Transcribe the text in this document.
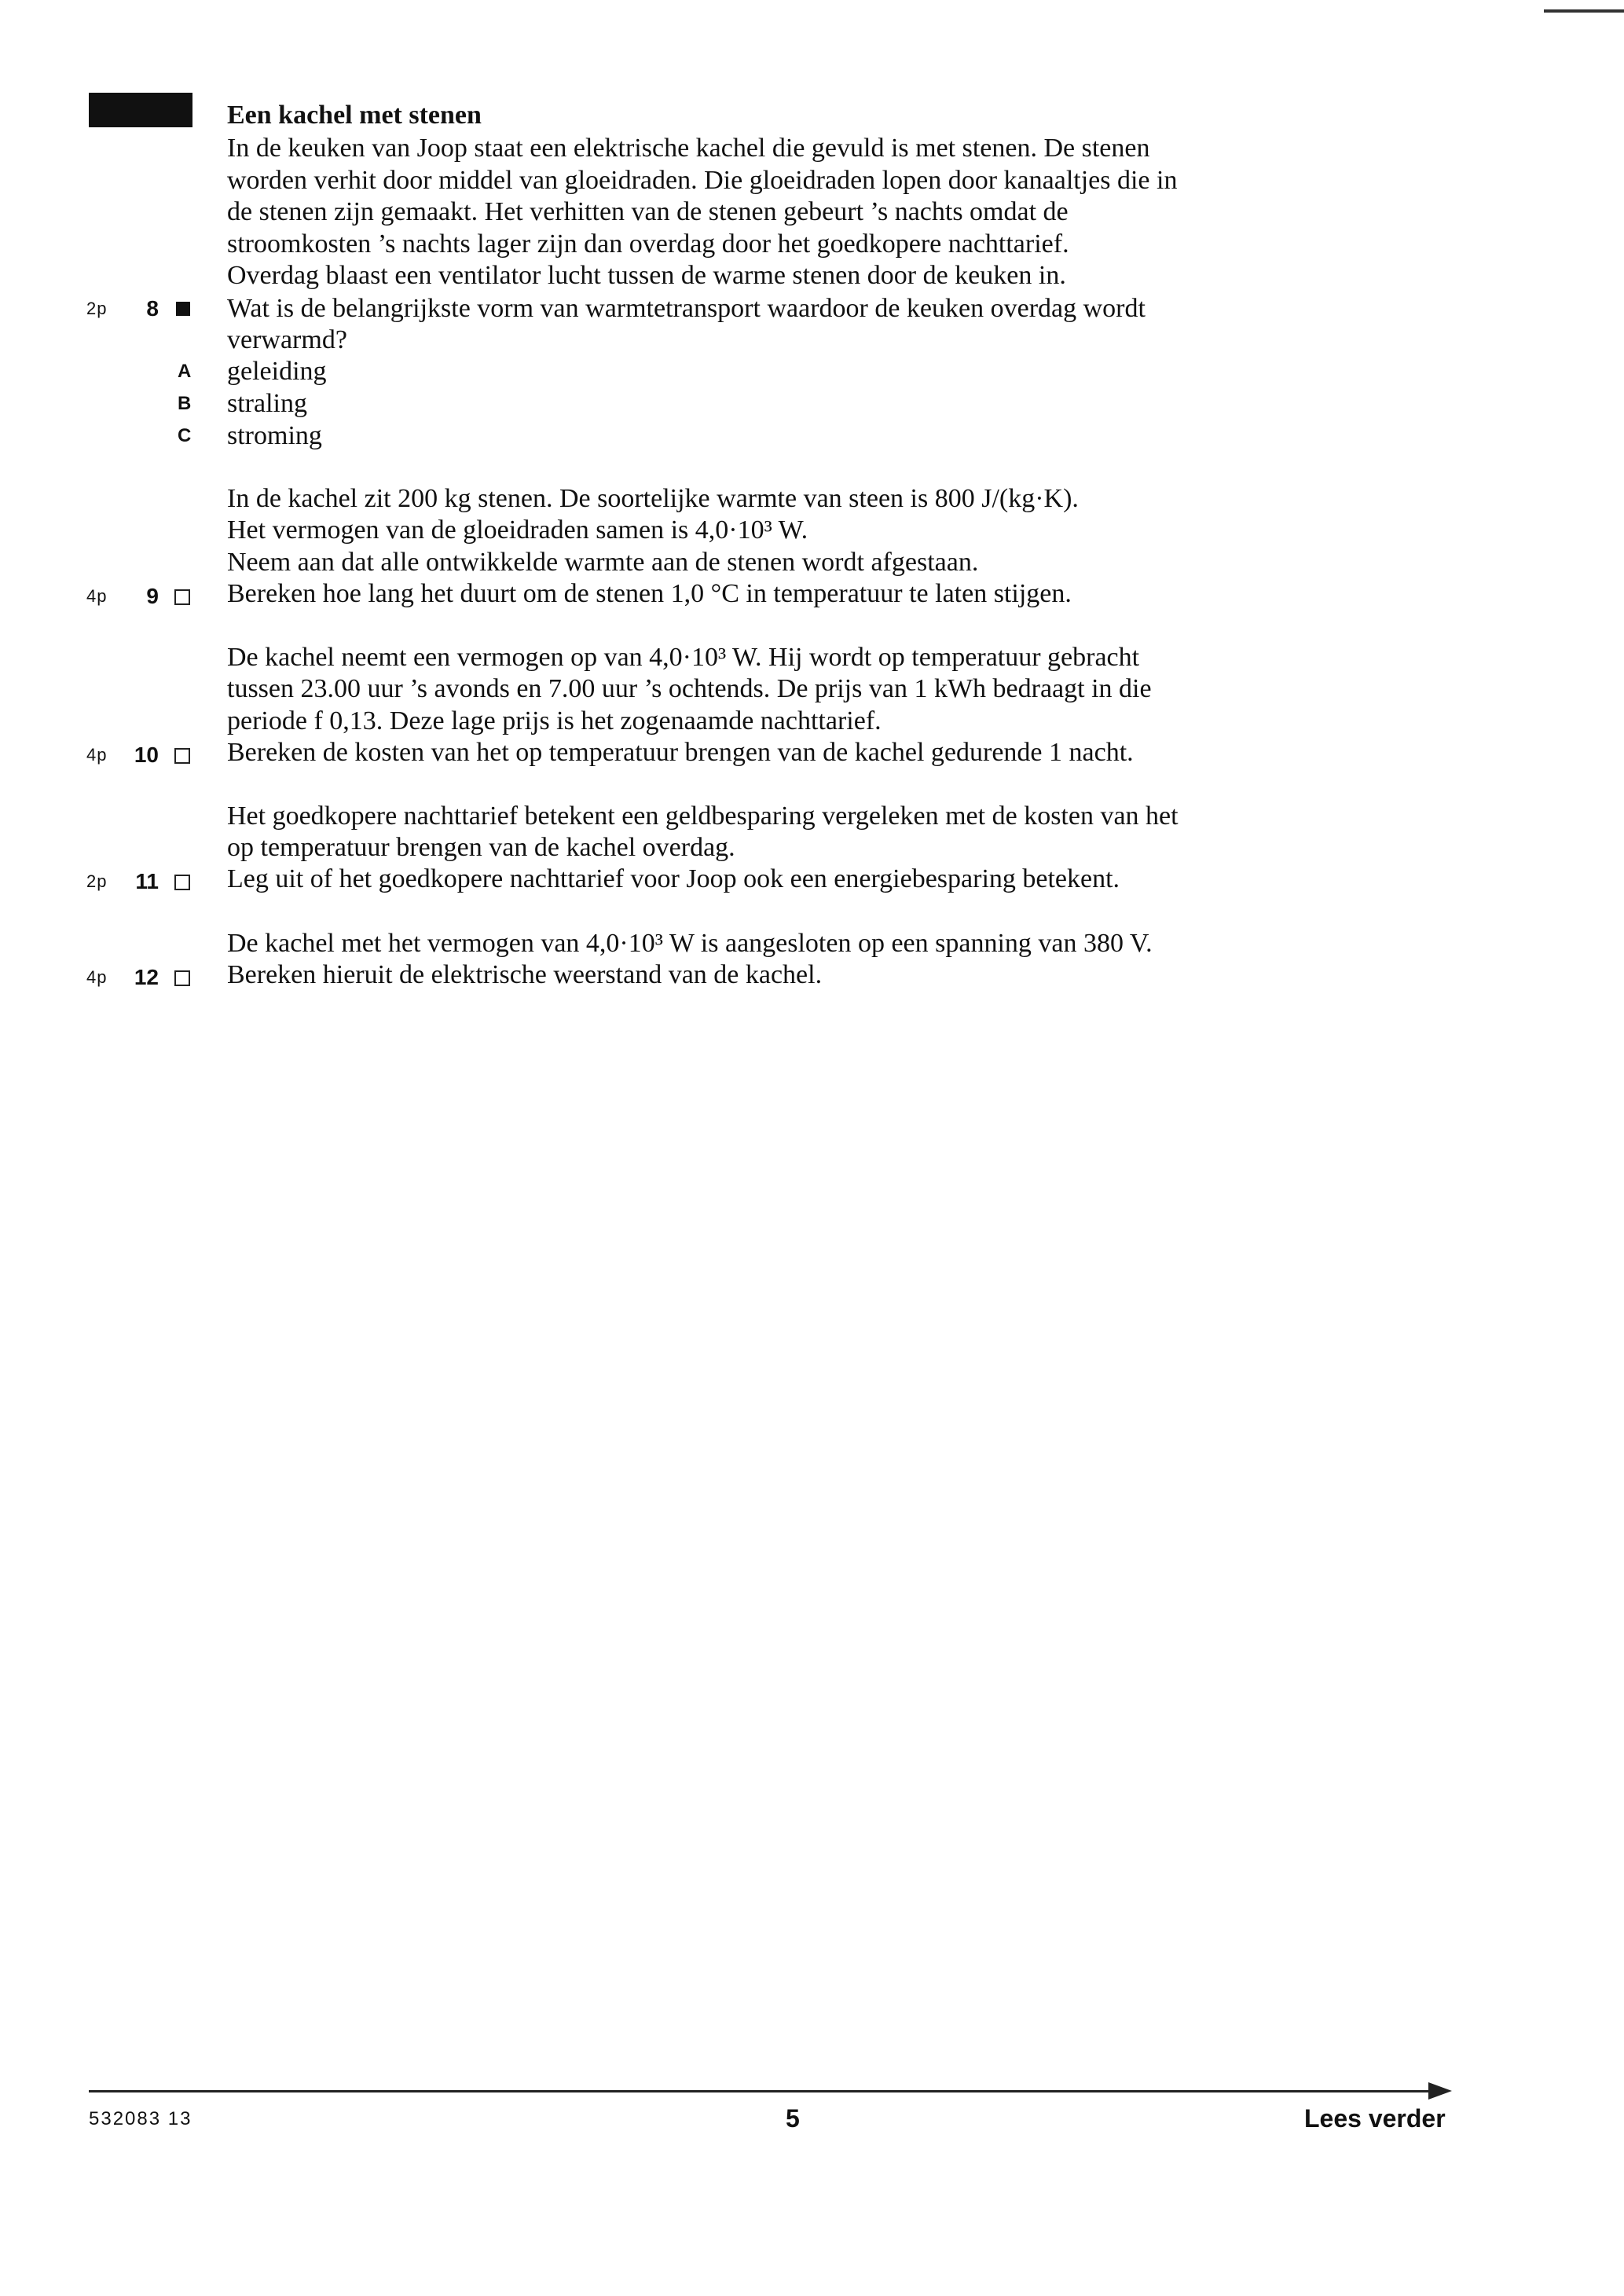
Een kachel met stenen
In de keuken van Joop staat een elektrische kachel die gevuld is met stenen. De stenen
worden verhit door middel van gloeidraden. Die gloeidraden lopen door kanaaltjes die in
de stenen zijn gemaakt. Het verhitten van de stenen gebeurt ’s nachts omdat de
stroomkosten ’s nachts lager zijn dan overdag door het goedkopere nachttarief.
Overdag blaast een ventilator lucht tussen de warme stenen door de keuken in.
2p	8	Wat is de belangrijkste vorm van warmtetransport waardoor de keuken overdag wordt
verwarmd?
A geleiding
B straling
C stroming
In de kachel zit 200 kg stenen. De soortelijke warmte van steen is 800 J/(kg·K).
Het vermogen van de gloeidraden samen is 4,0·10³ W.
Neem aan dat alle ontwikkelde warmte aan de stenen wordt afgestaan.
4p	9	Bereken hoe lang het duurt om de stenen 1,0 °C in temperatuur te laten stijgen.
De kachel neemt een vermogen op van 4,0·10³ W. Hij wordt op temperatuur gebracht
tussen 23.00 uur ’s avonds en 7.00 uur ’s ochtends. De prijs van 1 kWh bedraagt in die
periode f 0,13. Deze lage prijs is het zogenaamde nachttarief.
4p	10	Bereken de kosten van het op temperatuur brengen van de kachel gedurende 1 nacht.
Het goedkopere nachttarief betekent een geldbesparing vergeleken met de kosten van het
op temperatuur brengen van de kachel overdag.
2p	11	Leg uit of het goedkopere nachttarief voor Joop ook een energiebesparing betekent.
De kachel met het vermogen van 4,0·10³ W is aangesloten op een spanning van 380 V.
4p	12	Bereken hieruit de elektrische weerstand van de kachel.
532083 13	5	Lees verder
